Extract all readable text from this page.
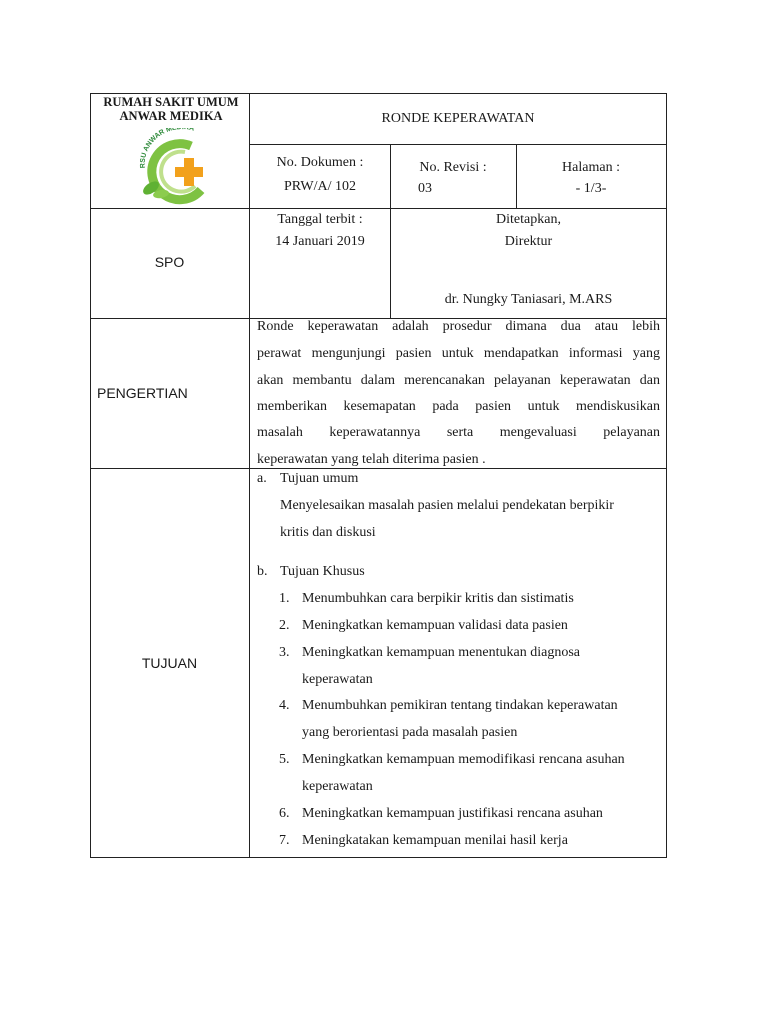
RUMAH SAKIT UMUM
ANWAR MEDIKA
RSU ANWAR ME A
RONDE KEPERAWATAN
No. Dokumen :
PRW/A/ 102
No. Revisi :
03
Halaman :
- 1/3-
SPO
Tanggal terbit :
14 Januari 2019
Ditetapkan,
Direktur
dr. Nungky Taniasari, M.ARS
PENGERTIAN
Ronde keperawatan adalah prosedur dimana dua atau lebih
perawat mengunjungi pasien untuk mendapatkan informasi yang
akan membantu dalam merencanakan pelayanan keperawatan dan
memberikan kesemapatan pada pasien untuk mendiskusikan
masalah keperawatannya serta mengevaluasi pelayanan
keperawatan yang telah diterima pasien .
TUJUAN
a. Tujuan umum
Menyelesaikan masalah pasien melalui pendekatan berpikir
kritis dan diskusi
b. Tujuan Khusus
1. Menumbuhkan cara berpikir kritis dan sistimatis
2. Meningkatkan kemampuan validasi data pasien
3. Meningkatkan kemampuan menentukan diagnosa
keperawatan
4. Menumbuhkan pemikiran tentang tindakan keperawatan
yang berorientasi pada masalah pasien
5. Meningkatkan kemampuan memodifikasi rencana asuhan
keperawatan
6. Meningkatkan kemampuan justifikasi rencana asuhan
7. Meningkatakan kemampuan menilai hasil kerja
